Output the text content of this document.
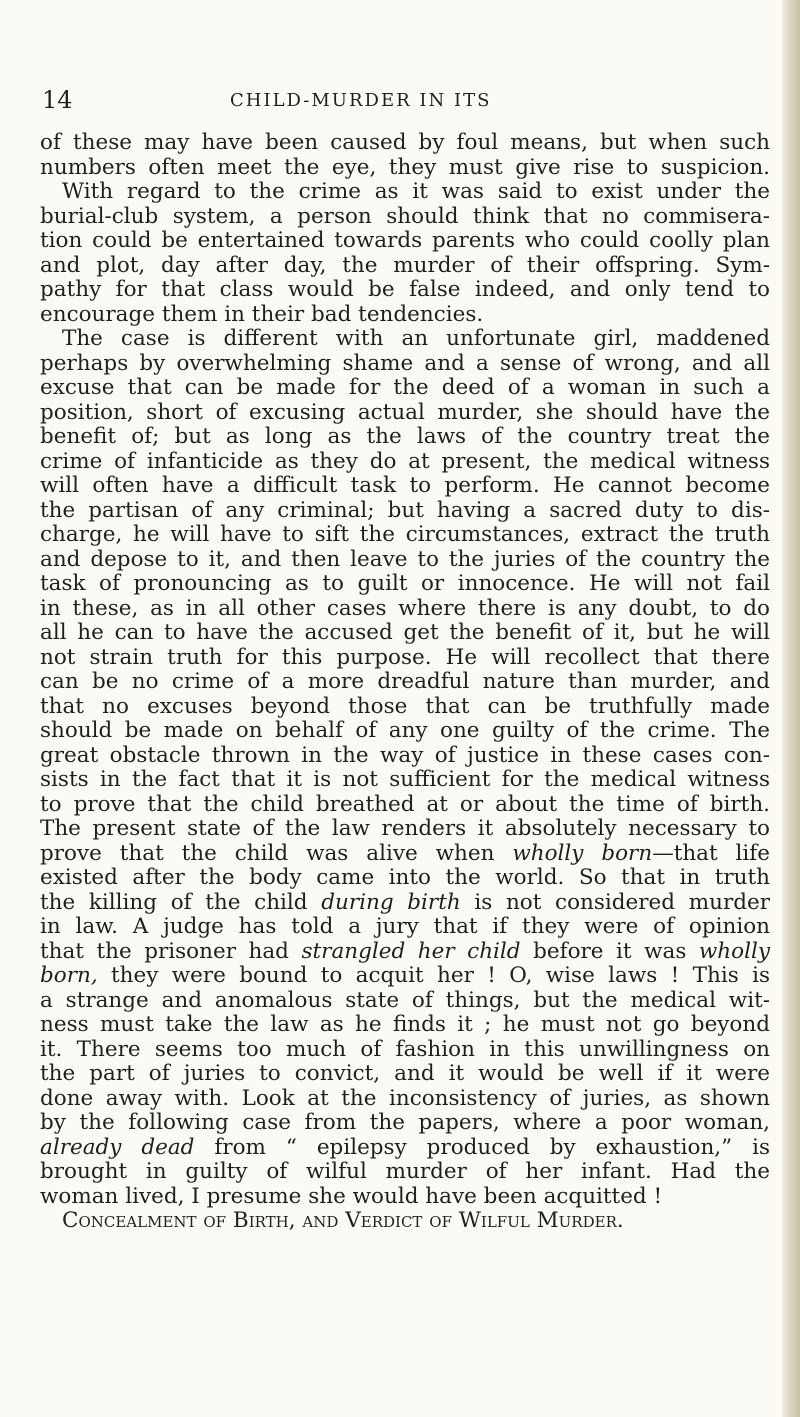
14	CHILD-MURDER IN ITS
of these may have been caused by foul means, but when such
numbers often meet the eye, they must give rise to suspicion.
With regard to the crime as it was said to exist under the
burial-club system, a person should think that no commisera-
tion could be entertained towards parents who could coolly plan
and plot, day after day, the murder of their offspring. Sym-
pathy for that class would be false indeed, and only tend to
encourage them in their bad tendencies.
The case is different with an unfortunate girl, maddened
perhaps by overwhelming shame and a sense of wrong, and all
excuse that can be made for the deed of a woman in such a
position, short of excusing actual murder, she should have the
benefit of; but as long as the laws of the country treat the
crime of infanticide as they do at present, the medical witness
will often have a difficult task to perform. He cannot become
the partisan of any criminal; but having a sacred duty to dis-
charge, he will have to sift the circumstances, extract the truth
and depose to it, and then leave to the juries of the country the
task of pronouncing as to guilt or innocence. He will not fail
in these, as in all other cases where there is any doubt, to do
all he can to have the accused get the benefit of it, but he will
not strain truth for this purpose. He will recollect that there
can be no crime of a more dreadful nature than murder, and
that no excuses beyond those that can be truthfully made
should be made on behalf of any one guilty of the crime. The
great obstacle thrown in the way of justice in these cases con-
sists in the fact that it is not sufficient for the medical witness
to prove that the child breathed at or about the time of birth.
The present state of the law renders it absolutely necessary to
prove that the child was alive when wholly born—that life
existed after the body came into the world. So that in truth
the killing of the child during birth is not considered murder
in law. A judge has told a jury that if they were of opinion
that the prisoner had strangled her child before it was wholly
born, they were bound to acquit her ! O, wise laws ! This is
a strange and anomalous state of things, but the medical wit-
ness must take the law as he finds it ; he must not go beyond
it. There seems too much of fashion in this unwillingness on
the part of juries to convict, and it would be well if it were
done away with. Look at the inconsistency of juries, as shown
by the following case from the papers, where a poor woman,
already dead from “ epilepsy produced by exhaustion,” is
brought in guilty of wilful murder of her infant. Had the
woman lived, I presume she would have been acquitted !
Concealment of Birth, and Verdict of Wilful Murder.
